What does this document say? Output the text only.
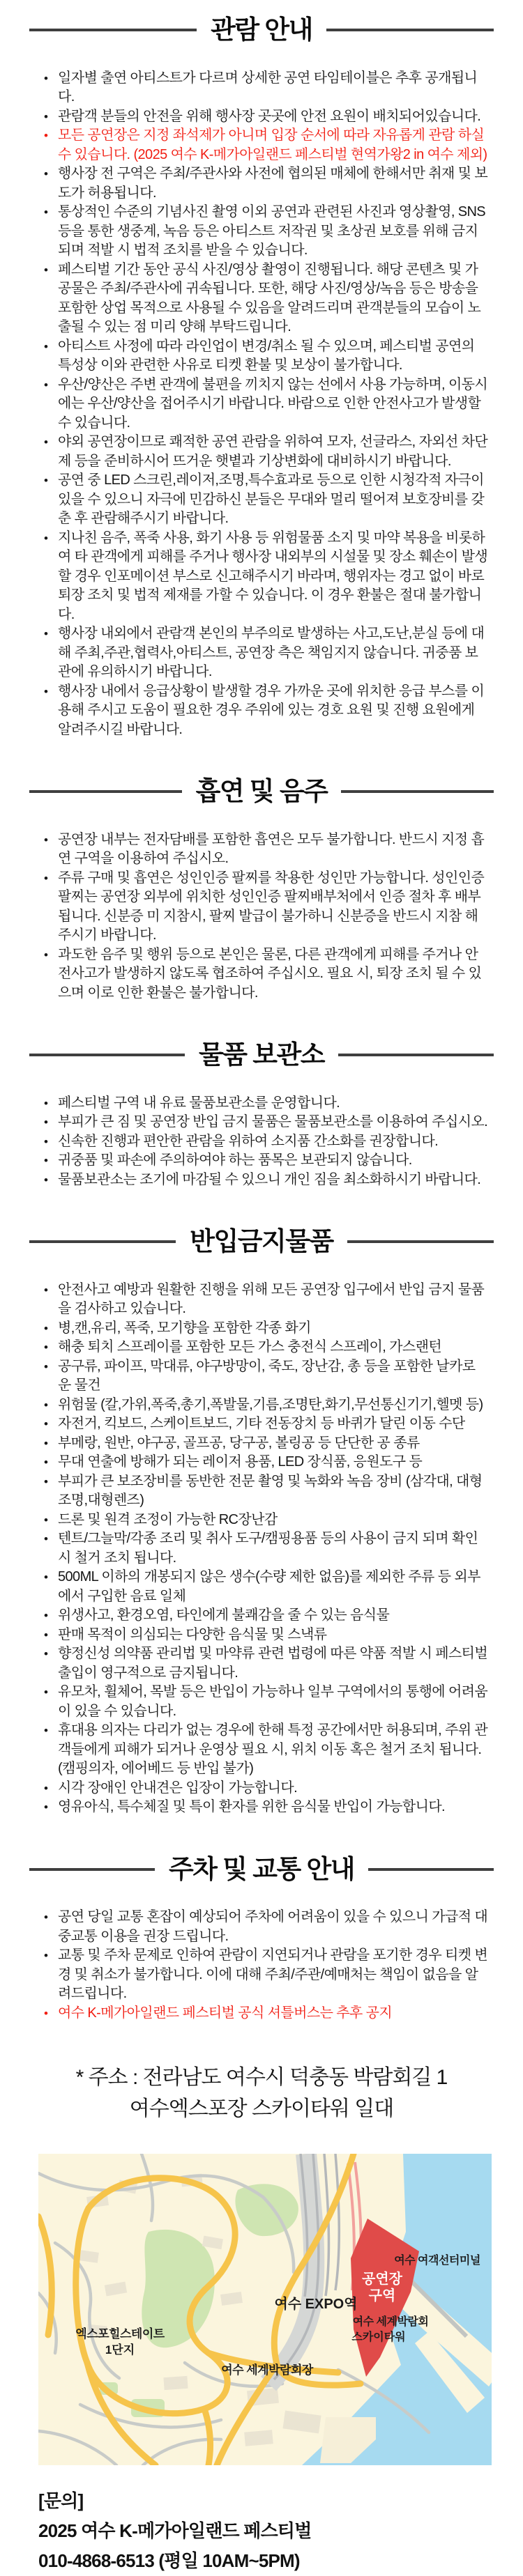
관람 안내
• 일자별 출연 아티스트가 다르며 상세한 공연 타임테이블은 추후 공개됩니다.
• 관람객 분들의 안전을 위해 행사장 곳곳에 안전 요원이 배치되어있습니다.
• 모든 공연장은 지정 좌석제가 아니며 입장 순서에 따라 자유롭게 관람 하실 수 있습니다. (2025 여수 K-메가아일랜드 페스티벌 현역가왕2 in 여수 제외)
• 행사장 전 구역은 주최/주관사와 사전에 협의된 매체에 한해서만 취재 및 보도가 허용됩니다.
• 통상적인 수준의 기념사진 촬영 이외 공연과 관련된 사진과 영상촬영, SNS등을 통한 생중계, 녹음 등은 아티스트 저작권 및 초상권 보호를 위해 금지되며 적발 시 법적 조치를 받을 수 있습니다.
• 페스티벌 기간 동안 공식 사진/영상 촬영이 진행됩니다. 해당 콘텐츠 및 가공물은 주최/주관사에 귀속됩니다. 또한, 해당 사진/영상/녹음 등은 방송을 포함한 상업 목적으로 사용될 수 있음을 알려드리며 관객분들의 모습이 노출될 수 있는 점 미리 양해 부탁드립니다.
• 아티스트 사정에 따라 라인업이 변경/취소 될 수 있으며, 페스티벌 공연의 특성상 이와 관련한 사유로 티켓 환불 및 보상이 불가합니다.
• 우산/양산은 주변 관객에 불편을 끼치지 않는 선에서 사용 가능하며, 이동시에는 우산/양산을 접어주시기 바랍니다. 바람으로 인한 안전사고가 발생할 수 있습니다.
• 야외 공연장이므로 쾌적한 공연 관람을 위하여 모자, 선글라스, 자외선 차단제 등을 준비하시어 뜨거운 햇볕과 기상변화에 대비하시기 바랍니다.
• 공연 중 LED 스크린,레이저,조명,특수효과로 등으로 인한 시청각적 자극이 있을 수 있으니 자극에 민감하신 분들은 무대와 멀리 떨어져 보호장비를 갖춘 후 관람해주시기 바랍니다.
• 지나친 음주, 폭죽 사용, 화기 사용 등 위험물품 소지 및 마약 복용을 비롯하여 타 관객에게 피해를 주거나 행사장 내외부의 시설물 및 장소 훼손이 발생할 경우 인포메이션 부스로 신고해주시기 바라며, 행위자는 경고 없이 바로 퇴장 조치 및 법적 제재를 가할 수 있습니다. 이 경우 환불은 절대 불가합니다.
• 행사장 내외에서 관람객 본인의 부주의로 발생하는 사고,도난,분실 등에 대해 주최,주관,협력사,아티스트, 공연장 측은 책임지지 않습니다. 귀중품 보관에 유의하시기 바랍니다.
• 행사장 내에서 응급상황이 발생할 경우 가까운 곳에 위치한 응급 부스를 이용해 주시고 도움이 필요한 경우 주위에 있는 경호 요원 및 진행 요원에게 알려주시길 바랍니다.
흡연 및 음주
• 공연장 내부는 전자담배를 포함한 흡연은 모두 불가합니다. 반드시 지정 흡연 구역을 이용하여 주십시오.
• 주류 구매 및 흡연은 성인인증 팔찌를 착용한 성인만 가능합니다. 성인인증 팔찌는 공연장 외부에 위치한 성인인증 팔찌배부처에서 인증 절차 후 배부됩니다. 신분증 미 지참시, 팔찌 발급이 불가하니 신분증을 반드시 지참 해주시기 바랍니다.
• 과도한 음주 및 행위 등으로 본인은 물론, 다른 관객에게 피해를 주거나 안전사고가 발생하지 않도록 협조하여 주십시오. 필요 시, 퇴장 조치 될 수 있으며 이로 인한 환불은 불가합니다.
물품 보관소
• 페스티벌 구역 내 유료 물품보관소를 운영합니다.
• 부피가 큰 짐 및 공연장 반입 금지 물품은 물품보관소를 이용하여 주십시오.
• 신속한 진행과 편안한 관람을 위하여 소지품 간소화를 권장합니다.
• 귀중품 및 파손에 주의하여야 하는 품목은 보관되지 않습니다.
• 물품보관소는 조기에 마감될 수 있으니 개인 짐을 최소화하시기 바랍니다.
반입금지물품
• 안전사고 예방과 원활한 진행을 위해 모든 공연장 입구에서 반입 금지 물품을 검사하고 있습니다.
• 병,캔,유리, 폭죽, 모기향을 포함한 각종 화기
• 해충 퇴치 스프레이를 포함한 모든 가스 충전식 스프레이, 가스랜턴
• 공구류, 파이프, 막대류, 야구방망이, 죽도, 장난감, 총 등을 포함한 날카로운 물건
• 위험물 (칼,가위,폭죽,총기,폭발물,기름,조명탄,화기,무선통신기기,헬멧 등)
• 자전거, 킥보드, 스케이트보드, 기타 전동장치 등 바퀴가 달린 이동 수단
• 부메랑, 원반, 야구공, 골프공, 당구공, 볼링공 등 단단한 공 종류
• 무대 연출에 방해가 되는 레이저 용품, LED 장식품, 응원도구 등
• 부피가 큰 보조장비를 동반한 전문 촬영 및 녹화와 녹음 장비 (삼각대, 대형조명,대형렌즈)
• 드론 및 원격 조정이 가능한 RC장난감
• 텐트/그늘막/각종 조리 및 취사 도구/캠핑용품 등의 사용이 금지 되며 확인 시 철거 조치 됩니다.
• 500ML 이하의 개봉되지 않은 생수(수량 제한 없음)를 제외한 주류 등 외부에서 구입한 음료 일체
• 위생사고, 환경오염, 타인에게 불쾌감을 줄 수 있는 음식물
• 판매 목적이 의심되는 다양한 음식물 및 스낵류
• 향정신성 의약품 관리법 및 마약류 관련 법령에 따른 약품 적발 시 페스티벌 출입이 영구적으로 금지됩니다.
• 유모차, 휠체어, 목발 등은 반입이 가능하나 일부 구역에서의 통행에 어려움이 있을 수 있습니다.
• 휴대용 의자는 다리가 없는 경우에 한해 특정 공간에서만 허용되며, 주위 관객들에게 피해가 되거나 운영상 필요 시, 위치 이동 혹은 철거 조치 됩니다. (캠핑의자, 에어베드 등 반입 불가)
• 시각 장애인 안내견은 입장이 가능합니다.
• 영유아식, 특수체질 및 특이 환자를 위한 음식물 반입이 가능합니다.
주차 및 교통 안내
• 공연 당일 교통 혼잡이 예상되어 주차에 어려움이 있을 수 있으니 가급적 대중교통 이용을 권장 드립니다.
• 교통 및 주차 문제로 인하여 관람이 지연되거나 관람을 포기한 경우 티켓 변경 및 취소가 불가합니다. 이에 대해 주최/주관/예매처는 책임이 없음을 알려드립니다.
• 여수 K-메가아일랜드 페스티벌 공식 셔틀버스는 추후 공지
* 주소 : 전라남도 여수시 덕충동 박람회길 1
여수엑스포장 스카이타워 일대
엑스포힐스테이트
1단지
여수 EXPO역
공연장
구역
여수 여객선터미널
여수 세계박람회
스카이타워
여수 세계박람회장
[문의]
2025 여수 K-메가아일랜드 페스티벌
010-4868-6513 (평일 10AM~5PM)
